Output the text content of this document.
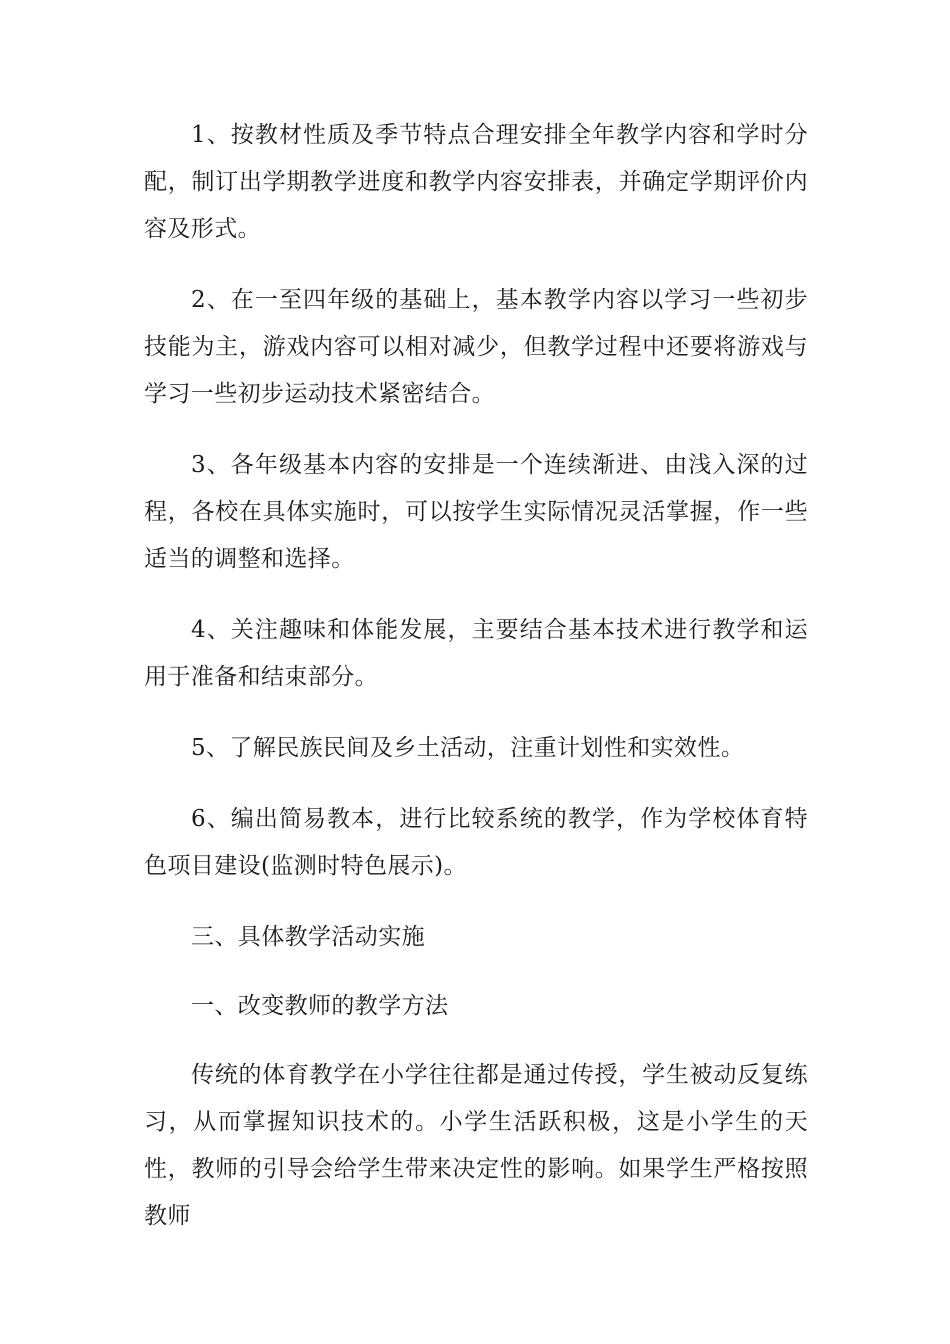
1、按教材性质及季节特点合理安排全年教学内容和学时分配，制订出学期教学进度和教学内容安排表，并确定学期评价内容及形式。

2、在一至四年级的基础上，基本教学内容以学习一些初步技能为主，游戏内容可以相对减少，但教学过程中还要将游戏与学习一些初步运动技术紧密结合。

3、各年级基本内容的安排是一个连续渐进、由浅入深的过程，各校在具体实施时，可以按学生实际情况灵活掌握，作一些适当的调整和选择。

4、关注趣味和体能发展，主要结合基本技术进行教学和运用于准备和结束部分。

5、了解民族民间及乡土活动，注重计划性和实效性。

6、编出简易教本，进行比较系统的教学，作为学校体育特色项目建设(监测时特色展示)。

三、具体教学活动实施

一、改变教师的教学方法

传统的体育教学在小学往往都是通过传授，学生被动反复练习，从而掌握知识技术的。小学生活跃积极，这是小学生的天性，教师的引导会给学生带来决定性的影响。如果学生严格按照教师
